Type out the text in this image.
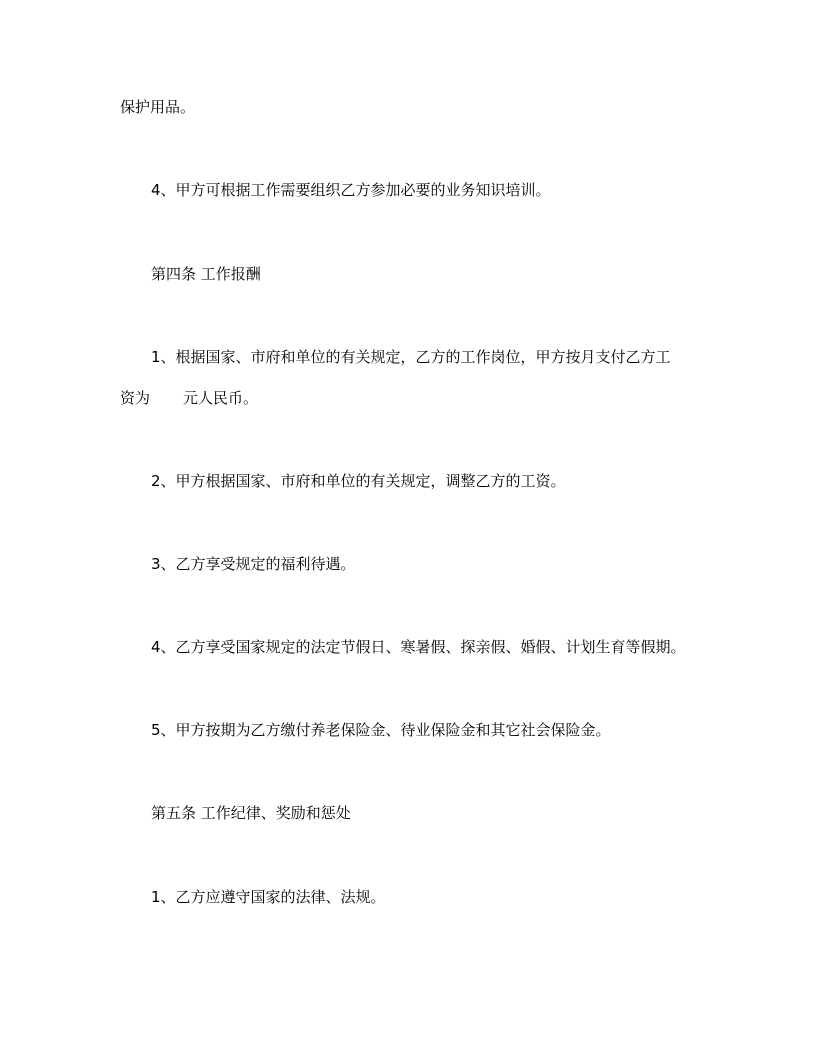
保护用品。
4、甲方可根据工作需要组织乙方参加必要的业务知识培训。
第四条 工作报酬
1、根据国家、市府和单位的有关规定，乙方的工作岗位，甲方按月支付乙方工
资为 元人民币。
2、甲方根据国家、市府和单位的有关规定，调整乙方的工资。
3、乙方享受规定的福利待遇。
4、乙方享受国家规定的法定节假日、寒暑假、探亲假、婚假、计划生育等假期。
5、甲方按期为乙方缴付养老保险金、待业保险金和其它社会保险金。
第五条 工作纪律、奖励和惩处
1、乙方应遵守国家的法律、法规。
